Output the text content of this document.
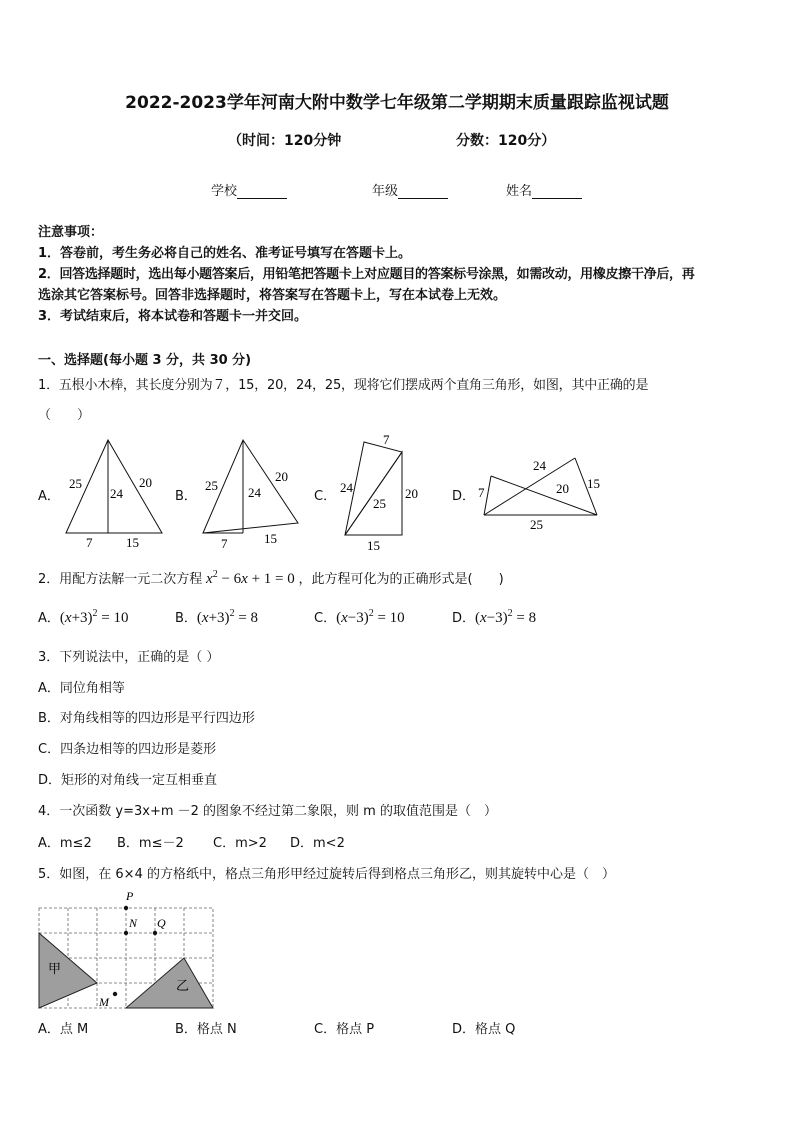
2022-2023学年河南大附中数学七年级第二学期期末质量跟踪监视试题
（时间：120分钟	分数：120分）
学校	年级	姓名
注意事项：
1．答卷前，考生务必将自己的姓名、准考证号填写在答题卡上。
2．回答选择题时，选出每小题答案后，用铅笔把答题卡上对应题目的答案标号涂黑，如需改动，用橡皮擦干净后，再
选涂其它答案标号。回答非选择题时，将答案写在答题卡上，写在本试卷上无效。
3．考试结束后，将本试卷和答题卡一并交回。
一、选择题(每小题 3 分，共 30 分)
1．五根小木棒，其长度分别为７，15，20，24，25，现将它们摆成两个直角三角形，如图，其中正确的是
（　　）
A．	B．	C．	D．
25
24
20
7	15
25 24
20
7	15
7
24
25
20
15
7
24
20 15
25
2．用配方法解一元二次方程 $x^2 - 6x + 1 = 0$ ，此方程可化为的正确形式是(　　)
A．$(x+3)^2 = 10$	B．$(x+3)^2 = 8$	C．$(x-3)^2 = 10$	D．$(x-3)^2 = 8$
3．下列说法中，正确的是（ ）
A．同位角相等
B．对角线相等的四边形是平行四边形
C．四条边相等的四边形是菱形
D．矩形的对角线一定互相垂直
4．一次函数 y=3x+m －2 的图象不经过第二象限，则 m 的取值范围是（　）
A．m≤2 B．m≤－2 C．m>2 D．m<2
5．如图，在 6×4 的方格纸中，格点三角形甲经过旋转后得到格点三角形乙，则其旋转中心是（　）
P
N Q
M
甲
乙
A．点 M	B．格点 N	C．格点 P	D．格点 Q
